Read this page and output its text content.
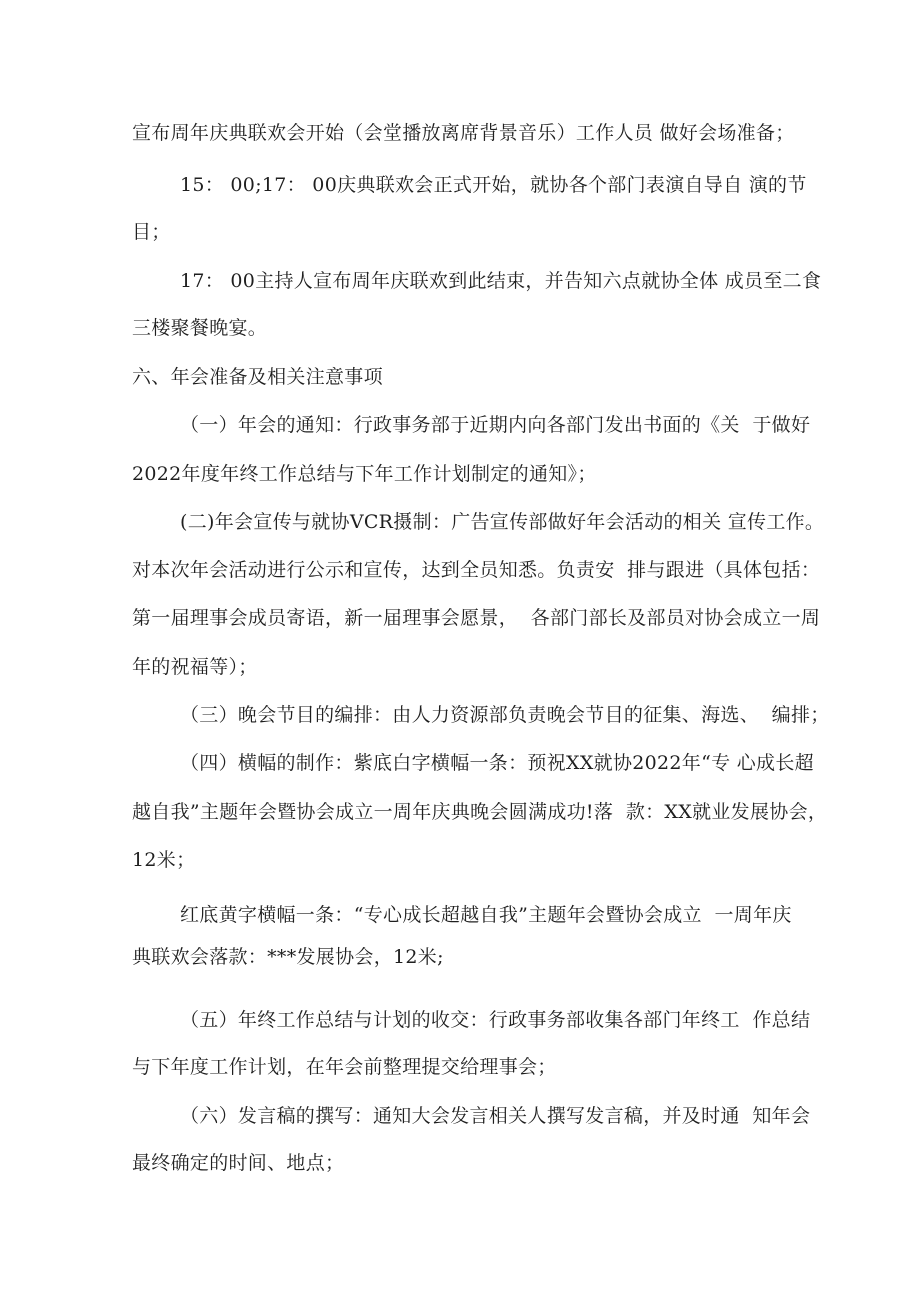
宣布周年庆典联欢会开始（会堂播放离席背景音乐）工作人员 做好会场准备；
15： 00;17： 00庆典联欢会正式开始，就协各个部门表演自导自 演的节
目；
17： 00主持人宣布周年庆联欢到此结束，并告知六点就协全体 成员至二食
三楼聚餐晚宴。
六、年会准备及相关注意事项
（一）年会的通知：行政事务部于近期内向各部门发出书面的《关  于做好
2022年度年终工作总结与下年工作计划制定的通知》；
(二)年会宣传与就协VCR摄制：广告宣传部做好年会活动的相关 宣传工作。
对本次年会活动进行公示和宣传，达到全员知悉。负责安  排与跟进（具体包括：
第一届理事会成员寄语，新一届理事会愿景，  各部门部长及部员对协会成立一周
年的祝福等）；
（三）晚会节目的编排：由人力资源部负责晚会节目的征集、海选、  编排；
（四）横幅的制作：紫底白字横幅一条：预祝XX就协2022年“专 心成长超
越自我”主题年会暨协会成立一周年庆典晚会圆满成功!落  款：XX就业发展协会，
12米；
红底黄字横幅一条：“专心成长超越自我”主题年会暨协会成立  一周年庆
典联欢会落款：***发展协会，12米;
（五）年终工作总结与计划的收交：行政事务部收集各部门年终工  作总结
与下年度工作计划，在年会前整理提交给理事会；
（六）发言稿的撰写：通知大会发言相关人撰写发言稿，并及时通  知年会
最终确定的时间、地点；
